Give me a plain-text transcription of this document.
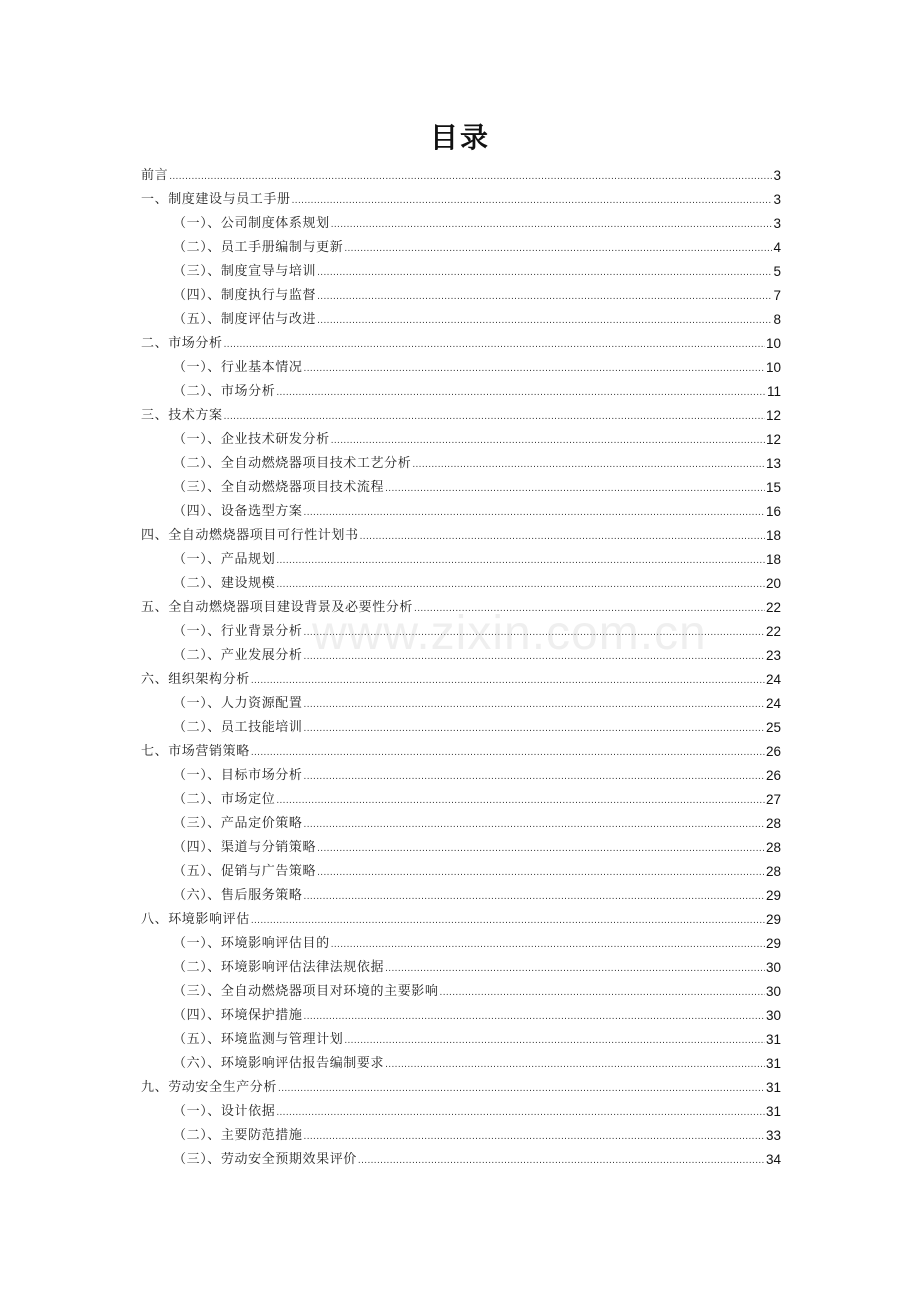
目录
前言 .....	3
一、制度建设与员工手册 .....	3
（一）、公司制度体系规划 .....	3
（二）、员工手册编制与更新 .....	4
（三）、制度宣导与培训 .....	5
（四）、制度执行与监督 .....	7
（五）、制度评估与改进 .....	8
二、市场分析 .....	10
（一）、行业基本情况 .....	10
（二）、市场分析 .....	11
三、技术方案 .....	12
（一）、企业技术研发分析 .....	12
（二）、全自动燃烧器项目技术工艺分析 .....	13
（三）、全自动燃烧器项目技术流程 .....	15
（四）、设备选型方案 .....	16
四、全自动燃烧器项目可行性计划书 .....	18
（一）、产品规划 .....	18
（二）、建设规模 .....	20
五、全自动燃烧器项目建设背景及必要性分析 .....	22
（一）、行业背景分析 .....	22
（二）、产业发展分析 .....	23
六、组织架构分析 .....	24
（一）、人力资源配置 .....	24
（二）、员工技能培训 .....	25
七、市场营销策略 .....	26
（一）、目标市场分析 .....	26
（二）、市场定位 .....	27
（三）、产品定价策略 .....	28
（四）、渠道与分销策略 .....	28
（五）、促销与广告策略 .....	28
（六）、售后服务策略 .....	29
八、环境影响评估 .....	29
（一）、环境影响评估目的 .....	29
（二）、环境影响评估法律法规依据 .....	30
（三）、全自动燃烧器项目对环境的主要影响 .....	30
（四）、环境保护措施 .....	30
（五）、环境监测与管理计划 .....	31
（六）、环境影响评估报告编制要求 .....	31
九、劳动安全生产分析 .....	31
（一）、设计依据 .....	31
（二）、主要防范措施 .....	33
（三）、劳动安全预期效果评价 .....	34
www.zixin.com.cn
